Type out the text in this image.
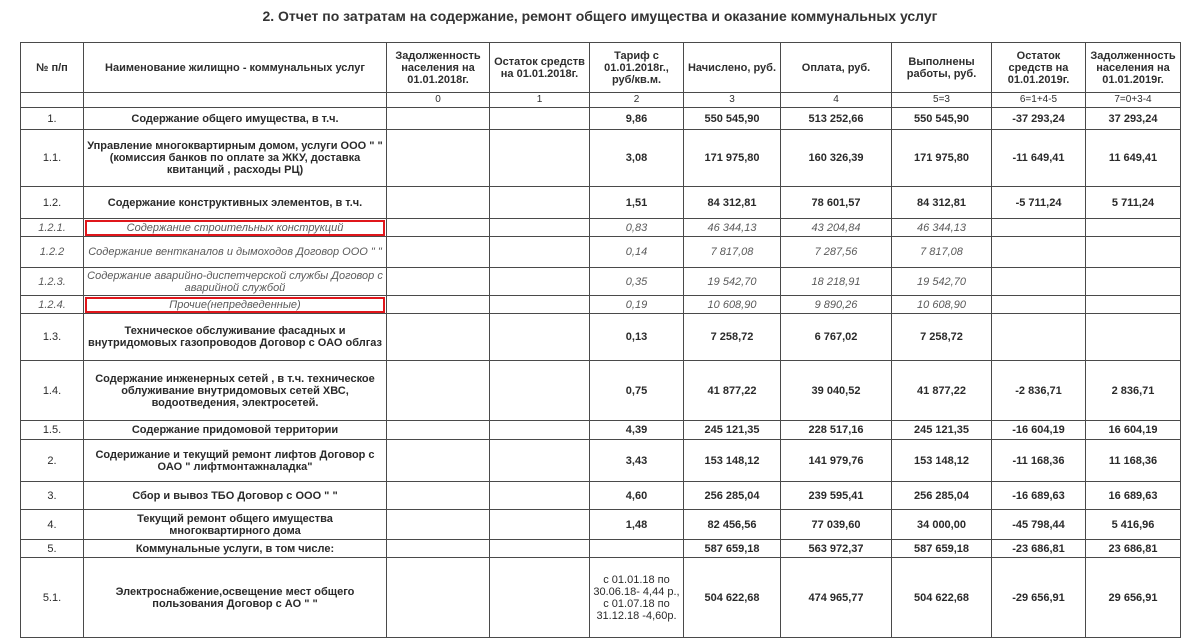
2. Отчет по затратам на содержание, ремонт общего имущества и оказание коммунальных услуг
№ п/п	Наименование жилищно - коммунальных услуг	Задолженность населения на 01.01.2018г.	Остаток средств на 01.01.2018г.	Тариф с 01.01.2018г., руб/кв.м.	Начислено, руб.	Оплата, руб.	Выполнены работы, руб.	Остаток средств на 01.01.2019г.	Задолженность населения на 01.01.2019г.
		0	1	2	3	4	5=3	6=1+4-5	7=0+3-4
1.	Содержание общего имущества, в т.ч.			9,86	550 545,90	513 252,66	550 545,90	-37 293,24	37 293,24
1.1.	Управление многоквартирным домом, услуги ООО " "(комиссия банков по оплате за ЖКУ, доставка квитанций , расходы РЦ)			3,08	171 975,80	160 326,39	171 975,80	-11 649,41	11 649,41
1.2.	Содержание конструктивных элементов, в т.ч.			1,51	84 312,81	78 601,57	84 312,81	-5 711,24	5 711,24
1.2.1.	Содержание строительных конструкций			0,83	46 344,13	43 204,84	46 344,13		
1.2.2	Содержание вентканалов и дымоходов Договор ООО " "			0,14	7 817,08	7 287,56	7 817,08		
1.2.3.	Содержание аварийно-диспетчерской службы Договор с аварийной службой			0,35	19 542,70	18 218,91	19 542,70		
1.2.4.	Прочие(непредведенные)			0,19	10 608,90	9 890,26	10 608,90		
1.3.	Техническое обслуживание фасадных и внутридомовых газопроводов Договор с ОАО облгаз			0,13	7 258,72	6 767,02	7 258,72		
1.4.	Содержание инженерных сетей , в т.ч. техническое облуживание внутридомовых сетей ХВС, водоотведения, электросетей.			0,75	41 877,22	39 040,52	41 877,22	-2 836,71	2 836,71
1.5.	Содержание придомовой территории			4,39	245 121,35	228 517,16	245 121,35	-16 604,19	16 604,19
2.	Содерижание и текущий ремонт лифтов Договор с ОАО " лифтмонтажналадка"			3,43	153 148,12	141 979,76	153 148,12	-11 168,36	11 168,36
3.	Сбор и вывоз ТБО Договор с ООО " "			4,60	256 285,04	239 595,41	256 285,04	-16 689,63	16 689,63
4.	Текущий ремонт общего имущества многоквартирного дома			1,48	82 456,56	77 039,60	34 000,00	-45 798,44	5 416,96
5.	Коммунальные услуги, в том числе:				587 659,18	563 972,37	587 659,18	-23 686,81	23 686,81
5.1.	Электроснабжение,освещение мест общего пользования Договор с АО " "			с 01.01.18 по 30.06.18- 4,44 р., с 01.07.18 по 31.12.18 -4,60р.	504 622,68	474 965,77	504 622,68	-29 656,91	29 656,91
